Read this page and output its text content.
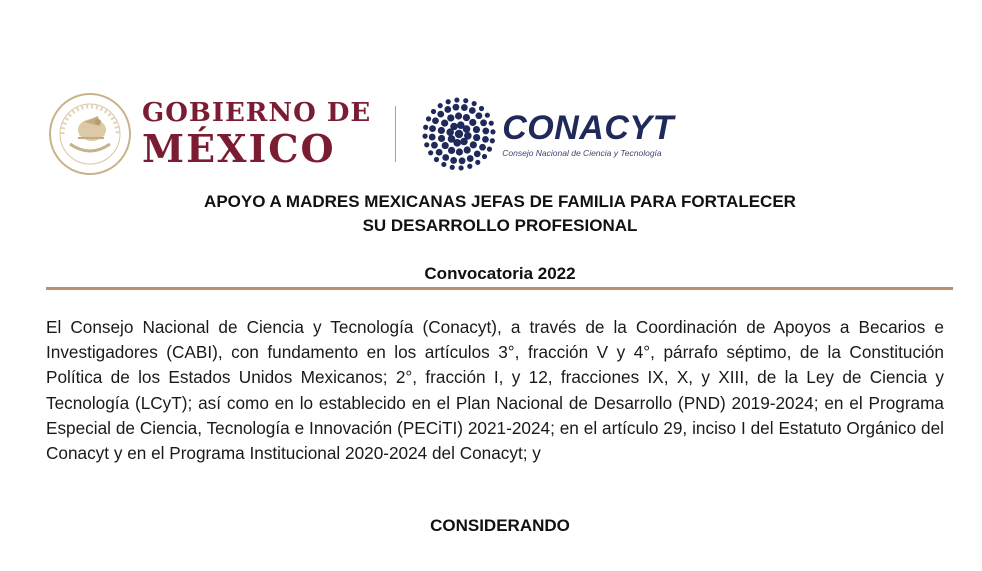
GOBIERNO DE
MÉXICO	CONACYT
Consejo Nacional de Ciencia y Tecnología
APOYO A MADRES MEXICANAS JEFAS DE FAMILIA PARA FORTALECER
SU DESARROLLO PROFESIONAL
Convocatoria 2022
El Consejo Nacional de Ciencia y Tecnología (Conacyt), a través de la Coordinación de Apoyos a Becarios e Investigadores (CABI), con fundamento en los artículos 3°, fracción V y 4°, párrafo séptimo, de la Constitución Política de los Estados Unidos Mexicanos; 2°, fracción I, y 12, fracciones IX, X, y XIII, de la Ley de Ciencia y Tecnología (LCyT); así como en lo establecido en el Plan Nacional de Desarrollo (PND) 2019-2024; en el Programa Especial de Ciencia, Tecnología e Innovación (PECiTI) 2021-2024; en el artículo 29, inciso I del Estatuto Orgánico del Conacyt y en el Programa Institucional 2020-2024 del Conacyt; y
CONSIDERANDO
